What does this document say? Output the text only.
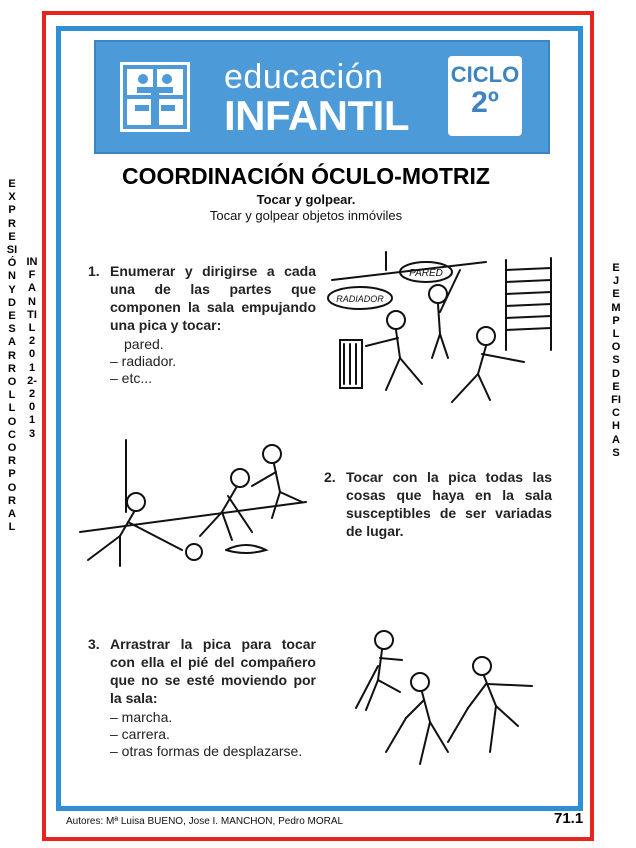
EXPRESIÓN Y DESARROLLO CORPORAL
INFANTIL 2012-2013
EJEMPLOS DE FICHAS
educación
INFANTIL
CICLO
2º
COORDINACIÓN ÓCULO-MOTRIZ
Tocar y golpear.
Tocar y golpear objetos inmóviles
1. Enumerar y dirigirse a cada una de las partes que componen la sala empujando una pica y tocar:
pared.
– radiador.
– etc...
PARED
RADIADOR
2. Tocar con la pica todas las cosas que haya en la sala susceptibles de ser variadas de lugar.
3. Arrastrar la pica para tocar con ella el pié del compañero que no se esté moviendo por la sala:
– marcha.
– carrera.
– otras formas de desplazarse.
Autores: Mª Luisa BUENO, Jose I. MANCHON, Pedro MORAL	71.1
